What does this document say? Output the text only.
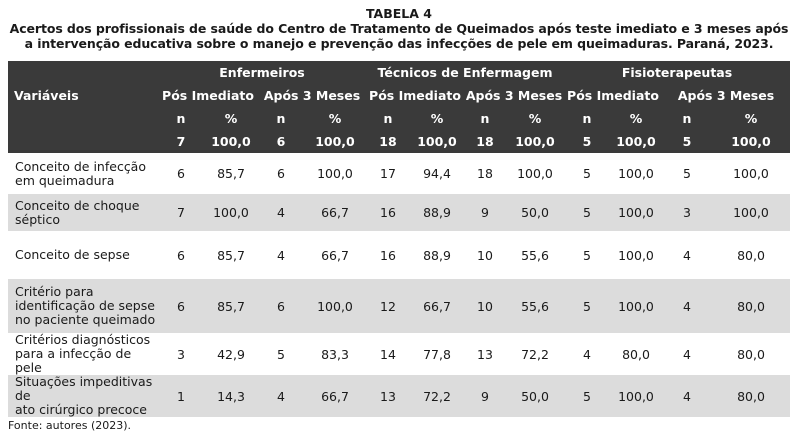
TABELA 4
Acertos dos profissionais de saúde do Centro de Tratamento de Queimados após teste imediato e 3 meses após a intervenção educativa sobre o manejo e prevenção das infecções de pele em queimaduras. Paraná, 2023.
Variáveis	Enfermeiros				Técnicos de Enfermagem				Fisioterapeutas			
	Pós Imediato		Após 3 Meses		Pós Imediato		Após 3 Meses		Pós Imediato		Após 3 Meses	
	n	%	n	%	n	%	n	%	n	%	n	%
	7	100,0	6	100,0	18	100,0	18	100,0	5	100,0	5	100,0

Conceito de infecção
em queimadura	6	85,7	6	100,0	17	94,4	18	100,0	5	100,0	5	100,0

Conceito de choque
séptico	7	100,0	4	66,7	16	88,9	9	50,0	5	100,0	3	100,0

Conceito de sepse	6	85,7	4	66,7	16	88,9	10	55,6	5	100,0	4	80,0

Critério para
identificação de sepse
no paciente queimado	6	85,7	6	100,0	12	66,7	10	55,6	5	100,0	4	80,0

Critérios diagnósticos
para a infecção de pele	3	42,9	5	83,3	14	77,8	13	72,2	4	80,0	4	80,0

Situações impeditivas de
ato cirúrgico precoce	1	14,3	4	66,7	13	72,2	9	50,0	5	100,0	4	80,0
Fonte: autores (2023).
